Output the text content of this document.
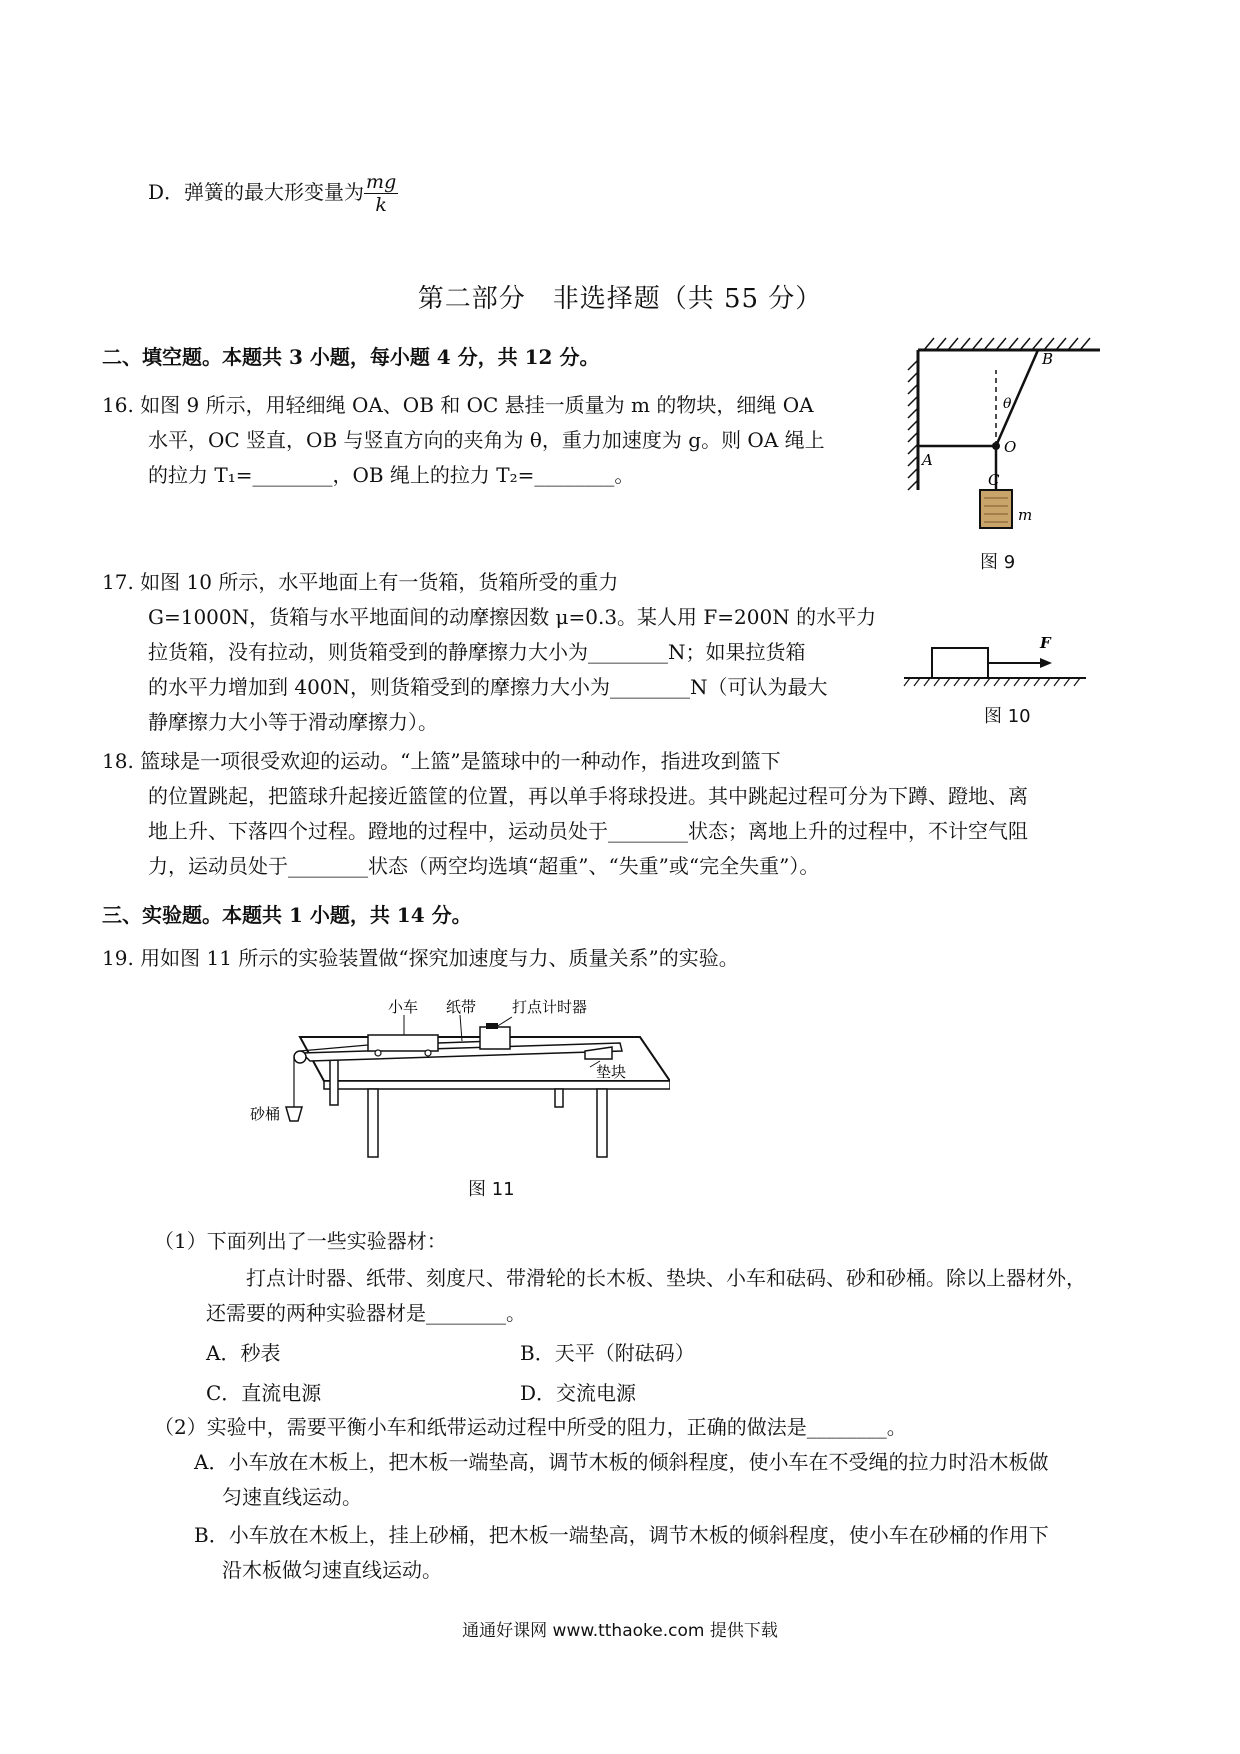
D．弹簧的最大形变量为 $\frac{mg}{k}$
第二部分　非选择题（共 55 分）
二、填空题。本题共 3 小题，每小题 4 分，共 12 分。
16. 如图 9 所示，用轻细绳 OA、OB 和 OC 悬挂一质量为 m 的物块，细绳 OA
水平，OC 竖直，OB 与竖直方向的夹角为 θ，重力加速度为 g。则 OA 绳上
的拉力 T₁=________，OB 绳上的拉力 T₂=________。
A
B
O
C
m
θ
图 9
17. 如图 10 所示，水平地面上有一货箱，货箱所受的重力
G=1000N，货箱与水平地面间的动摩擦因数 μ=0.3。某人用 F=200N 的水平力
拉货箱，没有拉动，则货箱受到的静摩擦力大小为________N；如果拉货箱
的水平力增加到 400N，则货箱受到的摩擦力大小为________N（可认为最大
静摩擦力大小等于滑动摩擦力）。
F
图 10
18. 篮球是一项很受欢迎的运动。“上篮”是篮球中的一种动作，指进攻到篮下
的位置跳起，把篮球升起接近篮筐的位置，再以单手将球投进。其中跳起过程可分为下蹲、蹬地、离
地上升、下落四个过程。蹬地的过程中，运动员处于________状态；离地上升的过程中，不计空气阻
力，运动员处于________状态（两空均选填“超重”、“失重”或“完全失重”）。
三、实验题。本题共 1 小题，共 14 分。
19. 用如图 11 所示的实验装置做“探究加速度与力、质量关系”的实验。
小车 纸带 打点计时器
垫块
砂桶
图 11
（1）下面列出了一些实验器材：
打点计时器、纸带、刻度尺、带滑轮的长木板、垫块、小车和砝码、砂和砂桶。除以上器材外，
还需要的两种实验器材是________。
A．秒表	B．天平（附砝码）
C．直流电源	D．交流电源
（2）实验中，需要平衡小车和纸带运动过程中所受的阻力，正确的做法是________。
A．小车放在木板上，把木板一端垫高，调节木板的倾斜程度，使小车在不受绳的拉力时沿木板做
匀速直线运动。
B．小车放在木板上，挂上砂桶，把木板一端垫高，调节木板的倾斜程度，使小车在砂桶的作用下
沿木板做匀速直线运动。
通通好课网 www.tthaoke.com 提供下载
